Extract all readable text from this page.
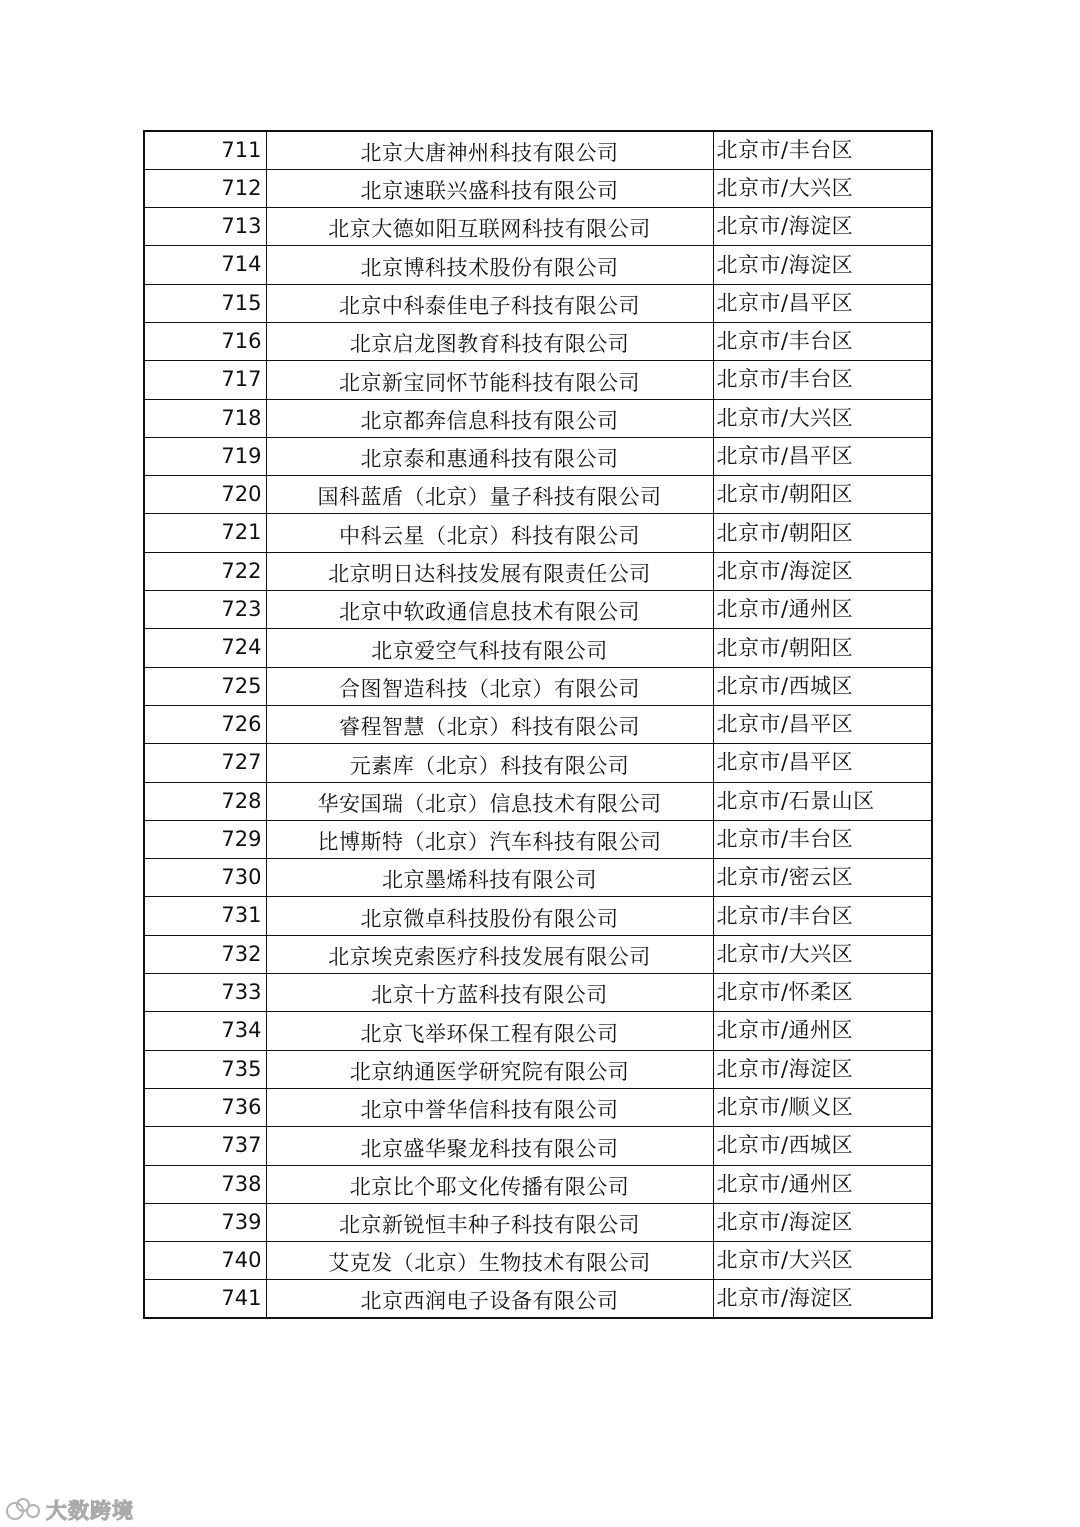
711	北京大唐神州科技有限公司	北京市/丰台区
712	北京速联兴盛科技有限公司	北京市/大兴区
713	北京大德如阳互联网科技有限公司	北京市/海淀区
714	北京博科技术股份有限公司	北京市/海淀区
715	北京中科泰佳电子科技有限公司	北京市/昌平区
716	北京启龙图教育科技有限公司	北京市/丰台区
717	北京新宝同怀节能科技有限公司	北京市/丰台区
718	北京都奔信息科技有限公司	北京市/大兴区
719	北京泰和惠通科技有限公司	北京市/昌平区
720	国科蓝盾（北京）量子科技有限公司	北京市/朝阳区
721	中科云星（北京）科技有限公司	北京市/朝阳区
722	北京明日达科技发展有限责任公司	北京市/海淀区
723	北京中软政通信息技术有限公司	北京市/通州区
724	北京爱空气科技有限公司	北京市/朝阳区
725	合图智造科技（北京）有限公司	北京市/西城区
726	睿程智慧（北京）科技有限公司	北京市/昌平区
727	元素库（北京）科技有限公司	北京市/昌平区
728	华安国瑞（北京）信息技术有限公司	北京市/石景山区
729	比博斯特（北京）汽车科技有限公司	北京市/丰台区
730	北京墨烯科技有限公司	北京市/密云区
731	北京微卓科技股份有限公司	北京市/丰台区
732	北京埃克索医疗科技发展有限公司	北京市/大兴区
733	北京十方蓝科技有限公司	北京市/怀柔区
734	北京飞举环保工程有限公司	北京市/通州区
735	北京纳通医学研究院有限公司	北京市/海淀区
736	北京中誉华信科技有限公司	北京市/顺义区
737	北京盛华聚龙科技有限公司	北京市/西城区
738	北京比个耶文化传播有限公司	北京市/通州区
739	北京新锐恒丰种子科技有限公司	北京市/海淀区
740	艾克发（北京）生物技术有限公司	北京市/大兴区
741	北京西润电子设备有限公司	北京市/海淀区
大数跨境
